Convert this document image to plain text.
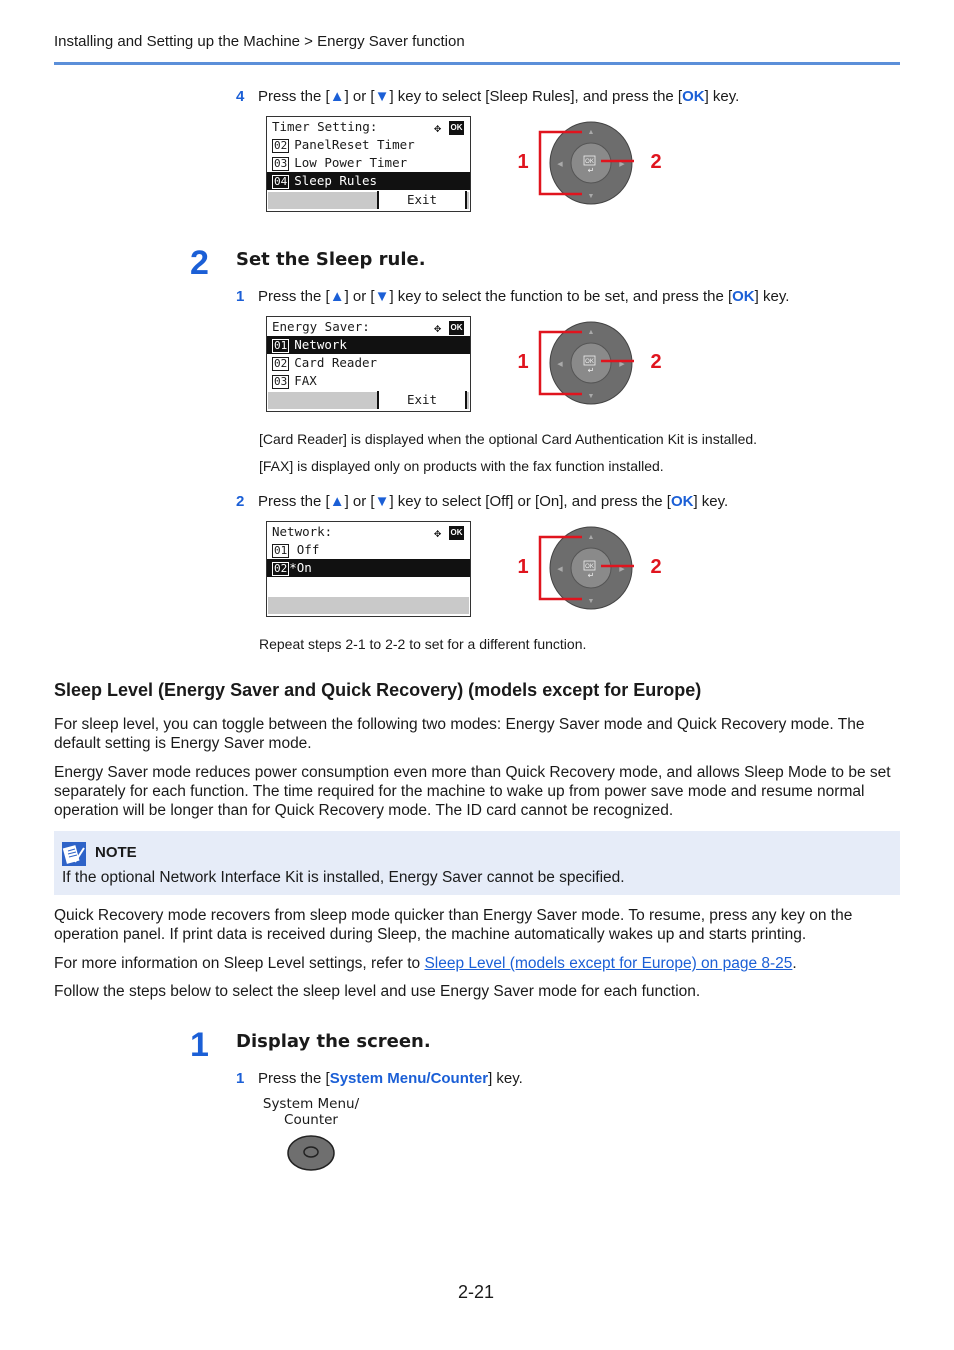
Installing and Setting up the Machine > Energy Saver function
4 Press the [▲] or [▼] key to select [Sleep Rules], and press the [OK] key.
Timer Setting:

	✥ OK
02 PanelReset Timer
03 Low Power Timer
04 Sleep Rules
Exit
OK
↵
▲
▼
◀	▶
1	2
2 Set the Sleep rule.
1 Press the [▲] or [▼] key to select the function to be set, and press the [OK] key.
Energy Saver:

	✥ OK
01 Network
02 Card Reader
03 FAX
Exit
OK
↵
▲
▼
◀	▶
1	2
[Card Reader] is displayed when the optional Card Authentication Kit is installed.
[FAX] is displayed only on products with the fax function installed.
2 Press the [▲] or [▼] key to select [Off] or [On], and press the [OK] key.
Network:

	✥ OK
01 Off
02 *On	OK
↵
▲
▼
◀	▶
1	2
Repeat steps 2-1 to 2-2 to set for a different function.
Sleep Level (Energy Saver and Quick Recovery) (models except for Europe)
For sleep level, you can toggle between the following two modes: Energy Saver mode and Quick Recovery mode. The default setting is Energy Saver mode.
Energy Saver mode reduces power consumption even more than Quick Recovery mode, and allows Sleep Mode to be set separately for each function. The time required for the machine to wake up from power save mode and resume normal operation will be longer than for Quick Recovery mode. The ID card cannot be recognized.
NOTE
If the optional Network Interface Kit is installed, Energy Saver cannot be specified.
Quick Recovery mode recovers from sleep mode quicker than Energy Saver mode. To resume, press any key on the operation panel. If print data is received during Sleep, the machine automatically wakes up and starts printing.
For more information on Sleep Level settings, refer to Sleep Level (models except for Europe) on page 8-25.
Follow the steps below to select the sleep level and use Energy Saver mode for each function.
1 Display the screen.
1 Press the [System Menu/Counter] key.
System Menu/
Counter
2-21
